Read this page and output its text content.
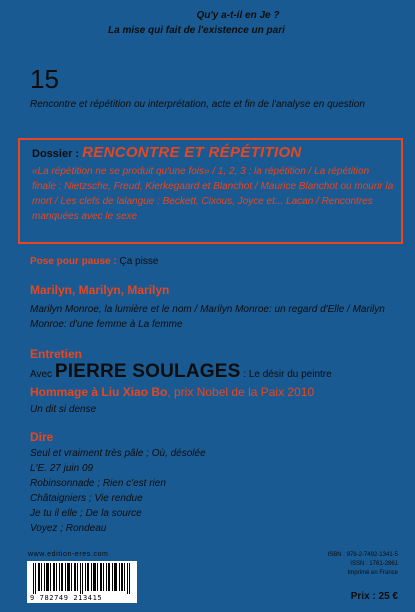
Qu'y a-t-il en Je ?
La mise qui fait de l'existence un pari
15
Rencontre et répétition ou interprétation, acte et fin de l'analyse en question
Dossier : RENCONTRE ET RÉPÉTITION
«La répétition ne se produit qu'une fois» / 1, 2, 3 : la répétition / La répétition finale : Nietzsche, Freud, Kierkegaard et Blanchot / Maurice Blanchot ou mourir la mort / Les clefs de lalangue : Beckett, Cixous, Joyce et... Lacan / Rencontres manquées avec le sexe
Pose pour pause : Ça pisse
Marilyn, Marilyn, Marilyn
Marilyn Monroe, la lumière et le nom / Marilyn Monroe: un regard d'Elle / Marilyn Monroe: d'une femme à La femme
Entretien
Avec PIERRE SOULAGES : Le désir du peintre
Hommage à Liu Xiao Bo, prix Nobel de la Paix 2010
Un dit si dense
Dire
Seul et vraiment très pâle ; Où, désolée
L'E. 27 juin 09
Robinsonnade ; Rien c'est rien
Châtaigniers ; Vie rendue
Je tu il elle ; De la source
Voyez ; Rondeau
www.edition-eres.com
9 782749 213415
ISBN : 978-2-7492-1341-5
ISSN : 1761-2861
Imprimé en France
Prix : 25 €
